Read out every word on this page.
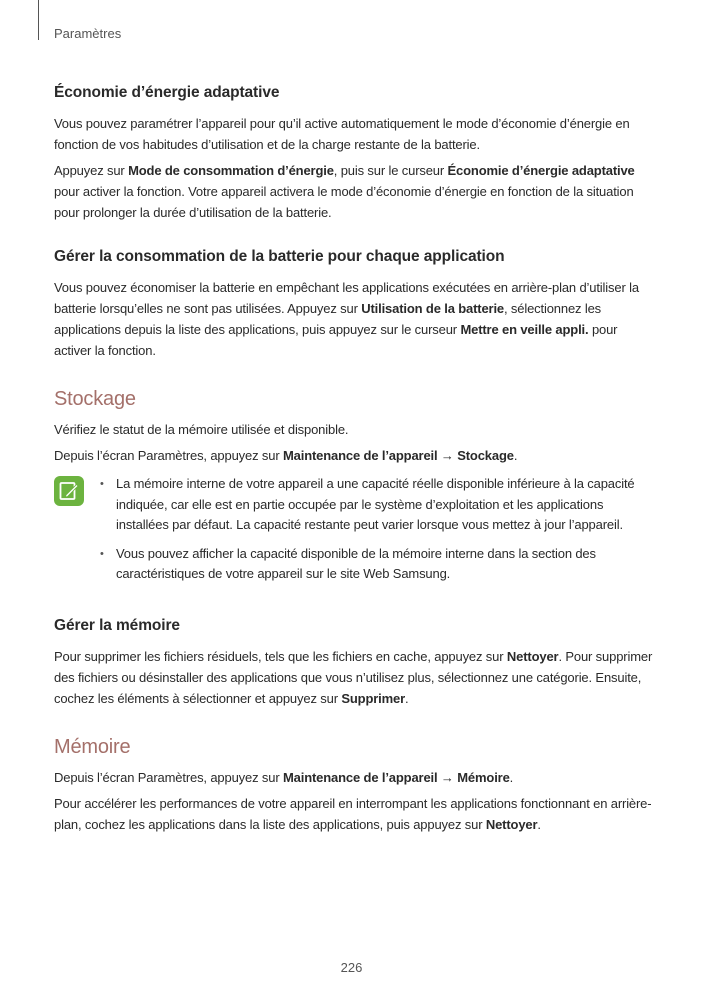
Paramètres
Économie d’énergie adaptative

Vous pouvez paramétrer l’appareil pour qu’il active automatiquement le mode d’économie d’énergie en fonction de vos habitudes d’utilisation et de la charge restante de la batterie.

Appuyez sur Mode de consommation d’énergie, puis sur le curseur Économie d’énergie adaptative pour activer la fonction. Votre appareil activera le mode d’économie d’énergie en fonction de la situation pour prolonger la durée d’utilisation de la batterie.

Gérer la consommation de la batterie pour chaque application

Vous pouvez économiser la batterie en empêchant les applications exécutées en arrière-plan d’utiliser la batterie lorsqu’elles ne sont pas utilisées. Appuyez sur Utilisation de la batterie, sélectionnez les applications depuis la liste des applications, puis appuyez sur le curseur Mettre en veille appli. pour activer la fonction.

Stockage

Vérifiez le statut de la mémoire utilisée et disponible.

Depuis l’écran Paramètres, appuyez sur Maintenance de l’appareil → Stockage.

• La mémoire interne de votre appareil a une capacité réelle disponible inférieure à la capacité indiquée, car elle est en partie occupée par le système d’exploitation et les applications installées par défaut. La capacité restante peut varier lorsque vous mettez à jour l’appareil.
• Vous pouvez afficher la capacité disponible de la mémoire interne dans la section des caractéristiques de votre appareil sur le site Web Samsung.
Gérer la mémoire

Pour supprimer les fichiers résiduels, tels que les fichiers en cache, appuyez sur Nettoyer. Pour supprimer des fichiers ou désinstaller des applications que vous n’utilisez plus, sélectionnez une catégorie. Ensuite, cochez les éléments à sélectionner et appuyez sur Supprimer.

Mémoire

Depuis l’écran Paramètres, appuyez sur Maintenance de l’appareil → Mémoire.

Pour accélérer les performances de votre appareil en interrompant les applications fonctionnant en arrière-plan, cochez les applications dans la liste des applications, puis appuyez sur Nettoyer.

226
